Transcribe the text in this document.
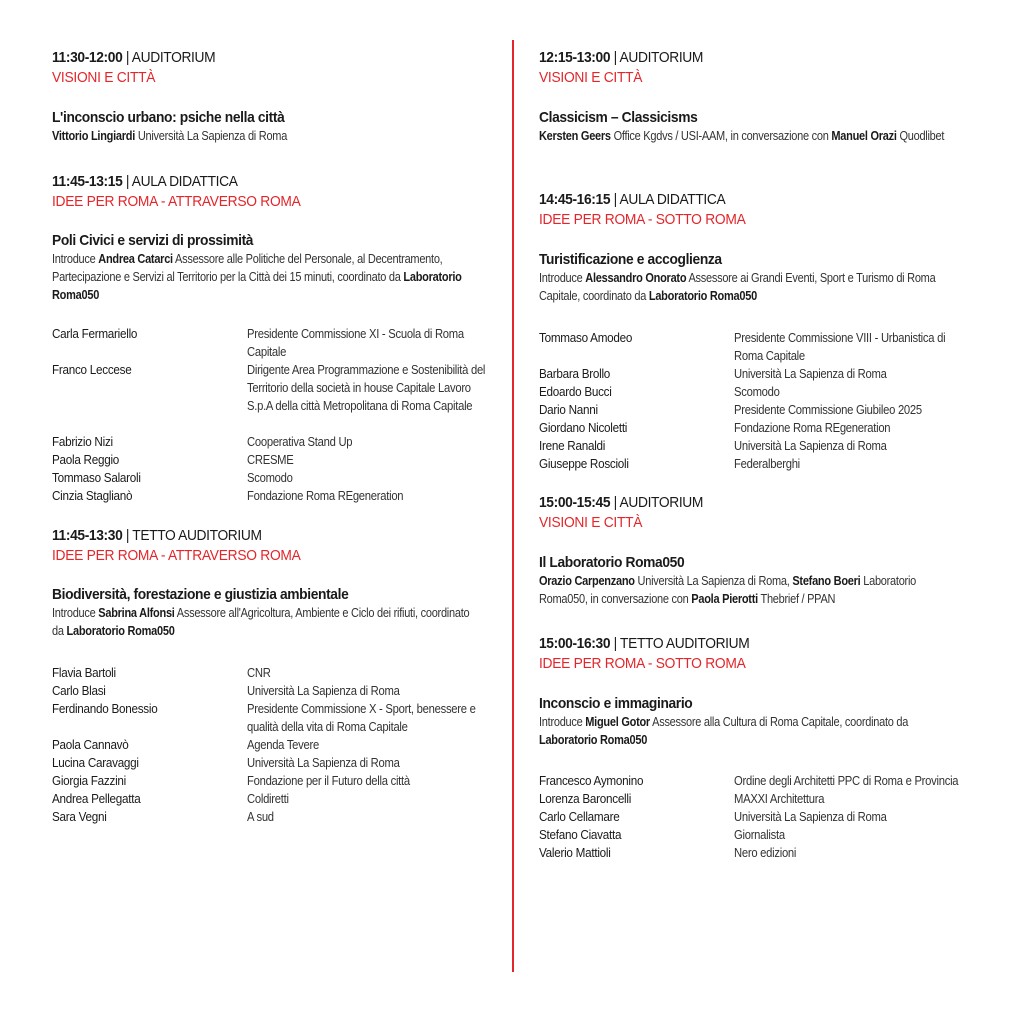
11:30-12:00 | AUDITORIUM
VISIONI E CITTÀ
L'inconscio urbano: psiche nella città
Vittorio Lingiardi Università La Sapienza di Roma
11:45-13:15 | AULA DIDATTICA
IDEE PER ROMA - ATTRAVERSO ROMA
Poli Civici e servizi di prossimità
Introduce Andrea Catarci Assessore alle Politiche del Personale, al Decentramento, Partecipazione e Servizi al Territorio per la Città dei 15 minuti, coordinato da Laboratorio Roma050
Carla Fermariello	Presidente Commissione XI - Scuola di Roma Capitale
Franco Leccese	Dirigente Area Programmazione e Sostenibilità del Territorio della società in house Capitale Lavoro S.p.A della città Metropolitana di Roma Capitale
Fabrizio Nizi	Cooperativa Stand Up
Paola Reggio	CRESME
Tommaso Salaroli	Scomodo
Cinzia Staglianò	Fondazione Roma REgeneration
11:45-13:30 | TETTO AUDITORIUM
IDEE PER ROMA - ATTRAVERSO ROMA
Biodiversità, forestazione e giustizia ambientale
Introduce Sabrina Alfonsi Assessore all'Agricoltura, Ambiente e Ciclo dei rifiuti, coordinato da Laboratorio Roma050
Flavia Bartoli	CNR
Carlo Blasi	Università La Sapienza di Roma
Ferdinando Bonessio	Presidente Commissione X - Sport, benessere e qualità della vita di Roma Capitale
Paola Cannavò	Agenda Tevere
Lucina Caravaggi	Università La Sapienza di Roma
Giorgia Fazzini	Fondazione per il Futuro della città
Andrea Pellegatta	Coldiretti
Sara Vegni	A sud
12:15-13:00 | AUDITORIUM
VISIONI E CITTÀ
Classicism – Classicisms
Kersten Geers Office Kgdvs / USI-AAM, in conversazione con Manuel Orazi Quodlibet
14:45-16:15 | AULA DIDATTICA
IDEE PER ROMA - SOTTO ROMA
Turistificazione e accoglienza
Introduce Alessandro Onorato Assessore ai Grandi Eventi, Sport e Turismo di Roma Capitale, coordinato da Laboratorio Roma050
Tommaso Amodeo	Presidente Commissione VIII - Urbanistica di Roma Capitale
Barbara Brollo	Università La Sapienza di Roma
Edoardo Bucci	Scomodo
Dario Nanni	Presidente Commissione Giubileo 2025
Giordano Nicoletti	Fondazione Roma REgeneration
Irene Ranaldi	Università La Sapienza di Roma
Giuseppe Roscioli	Federalberghi
15:00-15:45 | AUDITORIUM
VISIONI E CITTÀ
Il Laboratorio Roma050
Orazio Carpenzano Università La Sapienza di Roma, Stefano Boeri Laboratorio Roma050, in conversazione con Paola Pierotti Thebrief / PPAN
15:00-16:30 | TETTO AUDITORIUM
IDEE PER ROMA - SOTTO ROMA
Inconscio e immaginario
Introduce Miguel Gotor Assessore alla Cultura di Roma Capitale, coordinato da Laboratorio Roma050
Francesco Aymonino	Ordine degli Architetti PPC di Roma e Provincia
Lorenza Baroncelli	MAXXI Architettura
Carlo Cellamare	Università La Sapienza di Roma
Stefano Ciavatta	Giornalista
Valerio Mattioli	Nero edizioni
